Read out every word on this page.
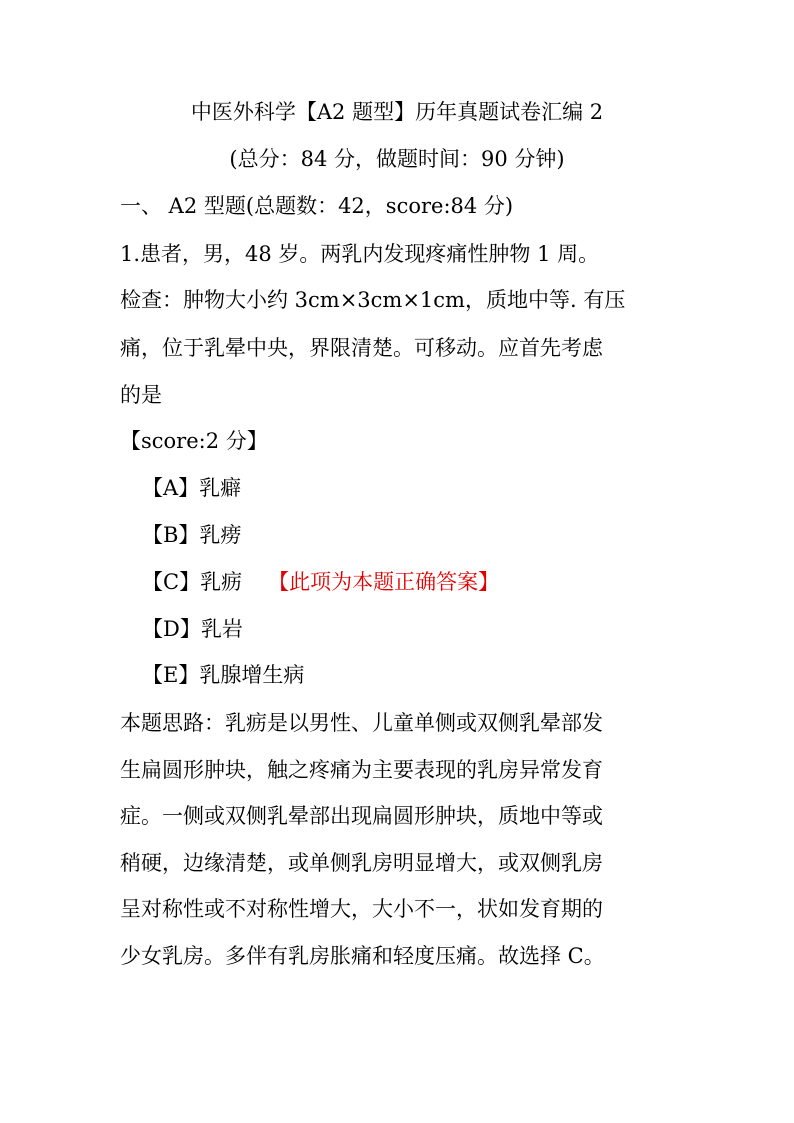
中医外科学【A2 题型】历年真题试卷汇编 2
(总分：84 分，做题时间：90 分钟)
一、 A2 型题(总题数：42，score:84 分)
1.患者，男，48 岁。两乳内发现疼痛性肿物 1 周。
检查：肿物大小约 3cm×3cm×1cm，质地中等. 有压
痛，位于乳晕中央，界限清楚。可移动。应首先考虑
的是
【score:2 分】
【A】乳癖
【B】乳痨
【C】乳疬 【此项为本题正确答案】
【D】乳岩
【E】乳腺增生病
本题思路：乳疬是以男性、儿童单侧或双侧乳晕部发
生扁圆形肿块，触之疼痛为主要表现的乳房异常发育
症。一侧或双侧乳晕部出现扁圆形肿块，质地中等或
稍硬，边缘清楚，或单侧乳房明显增大，或双侧乳房
呈对称性或不对称性增大，大小不一，状如发育期的
少女乳房。多伴有乳房胀痛和轻度压痛。故选择 C。
